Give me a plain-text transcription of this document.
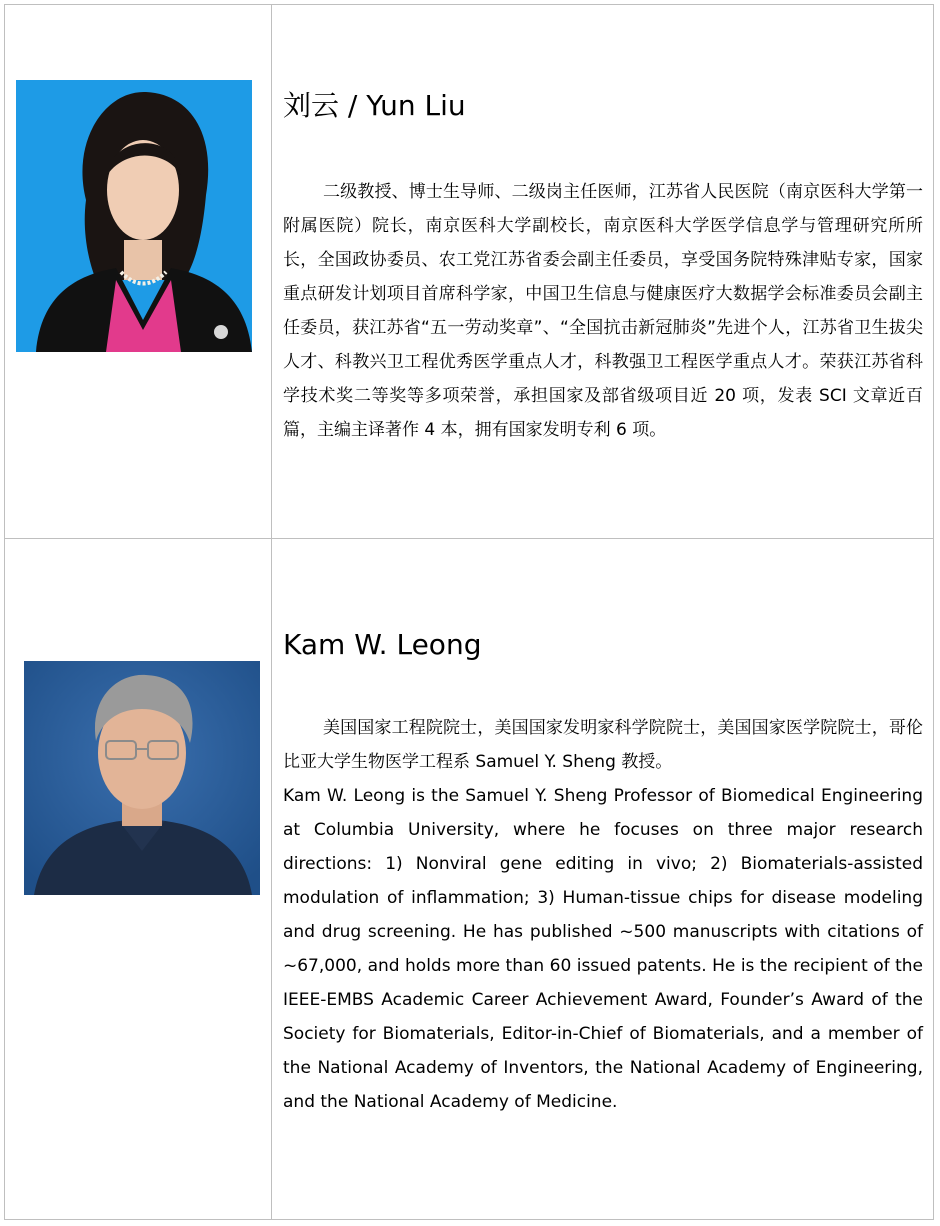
刘云 / Yun Liu

二级教授、博士生导师、二级岗主任医师，江苏省人民医院（南京医科大学第一附属医院）院长，南京医科大学副校长，南京医科大学医学信息学与管理研究所所长，全国政协委员、农工党江苏省委会副主任委员，享受国务院特殊津贴专家，国家重点研发计划项目首席科学家，中国卫生信息与健康医疗大数据学会标准委员会副主任委员，获江苏省“五一劳动奖章”、“全国抗击新冠肺炎”先进个人，江苏省卫生拔尖人才、科教兴卫工程优秀医学重点人才，科教强卫工程医学重点人才。荣获江苏省科学技术奖二等奖等多项荣誉，承担国家及部省级项目近 20 项，发表 SCI 文章近百篇，主编主译著作 4 本，拥有国家发明专利 6 项。

Kam W. Leong

美国国家工程院院士，美国国家发明家科学院院士，美国国家医学院院士，哥伦比亚大学生物医学工程系 Samuel Y. Sheng 教授。

Kam W. Leong is the Samuel Y. Sheng Professor of Biomedical Engineering at Columbia University, where he focuses on three major research directions: 1) Nonviral gene editing in vivo; 2) Biomaterials-assisted modulation of inflammation; 3) Human-tissue chips for disease modeling and drug screening. He has published ~500 manuscripts with citations of ~67,000, and holds more than 60 issued patents. He is the recipient of the IEEE-EMBS Academic Career Achievement Award, Founder’s Award of the Society for Biomaterials, Editor-in-Chief of Biomaterials, and a member of the National Academy of Inventors, the National Academy of Engineering, and the National Academy of Medicine.
